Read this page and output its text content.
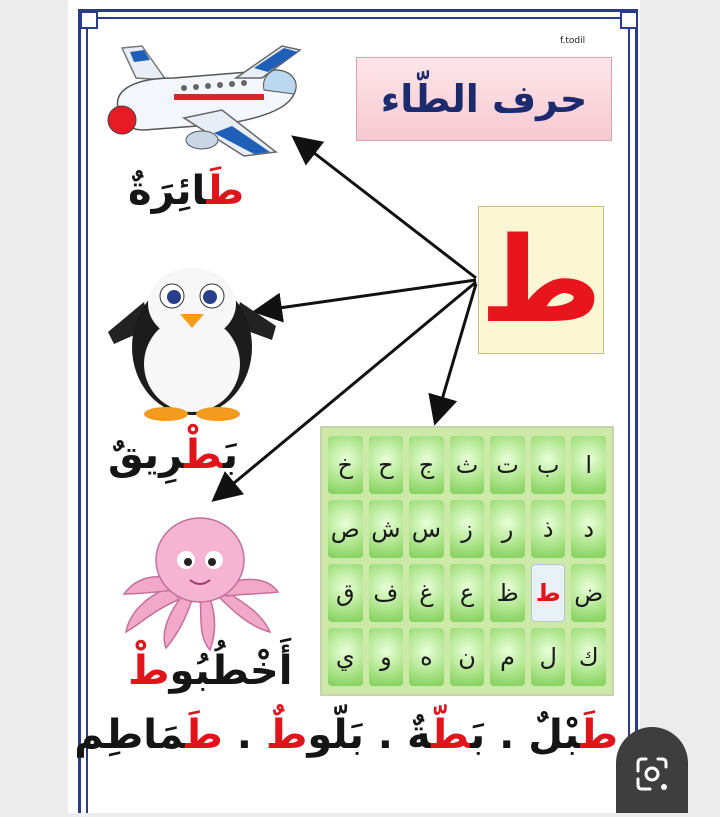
f.todil
حرف الطّاء
ط
طَائِرَةٌ
بَطْرِيقٌ
أَخْطُبُوطْ
ا
ب
ت
ث
ج
ح
خ
د
ذ
ر
ز
س
ش
ص
ض
ط
ظ
ع
غ
ف
ق
ك
ل
م
ن
ه
و
ي
طَبْلٌ . بَطّةٌ . بَلّوطٌ . طَمَاطِم
